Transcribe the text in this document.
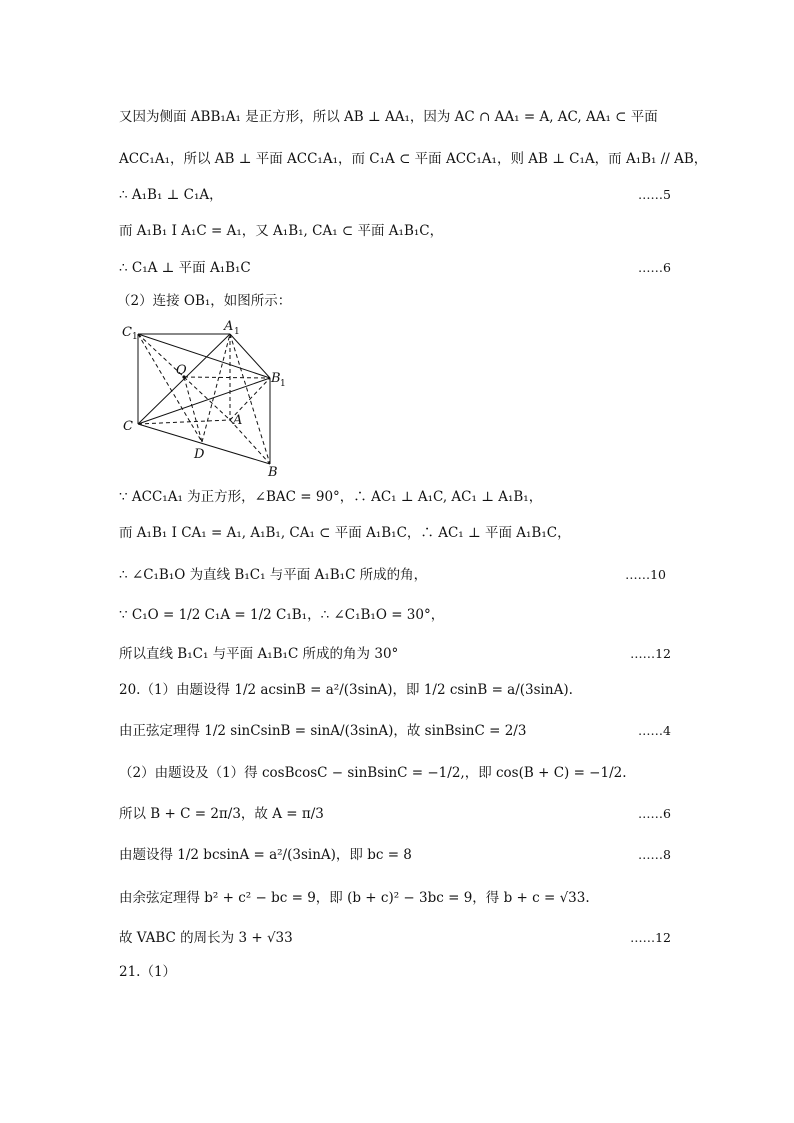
又因为侧面 ABB₁A₁ 是正方形，所以 AB ⊥ AA₁，因为 AC ∩ AA₁ = A, AC, AA₁ ⊂ 平面
ACC₁A₁，所以 AB ⊥ 平面 ACC₁A₁，而 C₁A ⊂ 平面 ACC₁A₁，则 AB ⊥ C₁A，而 A₁B₁ // AB，
∴ A₁B₁ ⊥ C₁A，	……5
而 A₁B₁ I A₁C = A₁，又 A₁B₁, CA₁ ⊂ 平面 A₁B₁C，
∴ C₁A ⊥ 平面 A₁B₁C	……6
（2）连接 OB₁，如图所示：
C 1
A 1
O
B 1
C	A
D
B
∵ ACC₁A₁ 为正方形，∠BAC = 90°，∴ AC₁ ⊥ A₁C, AC₁ ⊥ A₁B₁，
而 A₁B₁ I CA₁ = A₁, A₁B₁, CA₁ ⊂ 平面 A₁B₁C，∴ AC₁ ⊥ 平面 A₁B₁C，
∴ ∠C₁B₁O 为直线 B₁C₁ 与平面 A₁B₁C 所成的角，	……10
∵ C₁O = 1/2 C₁A = 1/2 C₁B₁，∴ ∠C₁B₁O = 30°，
所以直线 B₁C₁ 与平面 A₁B₁C 所成的角为 30°	……12
20.（1）由题设得 1/2 acsinB = a²/(3sinA)，即 1/2 csinB = a/(3sinA).
由正弦定理得 1/2 sinCsinB = sinA/(3sinA)，故 sinBsinC = 2/3	……4
（2）由题设及（1）得 cosBcosC − sinBsinC = −1/2,，即 cos(B + C) = −1/2.
所以 B + C = 2π/3，故 A = π/3	……6
由题设得 1/2 bcsinA = a²/(3sinA)，即 bc = 8	……8
由余弦定理得 b² + c² − bc = 9，即 (b + c)² − 3bc = 9，得 b + c = √33.
故 VABC 的周长为 3 + √33	……12
21.（1）
